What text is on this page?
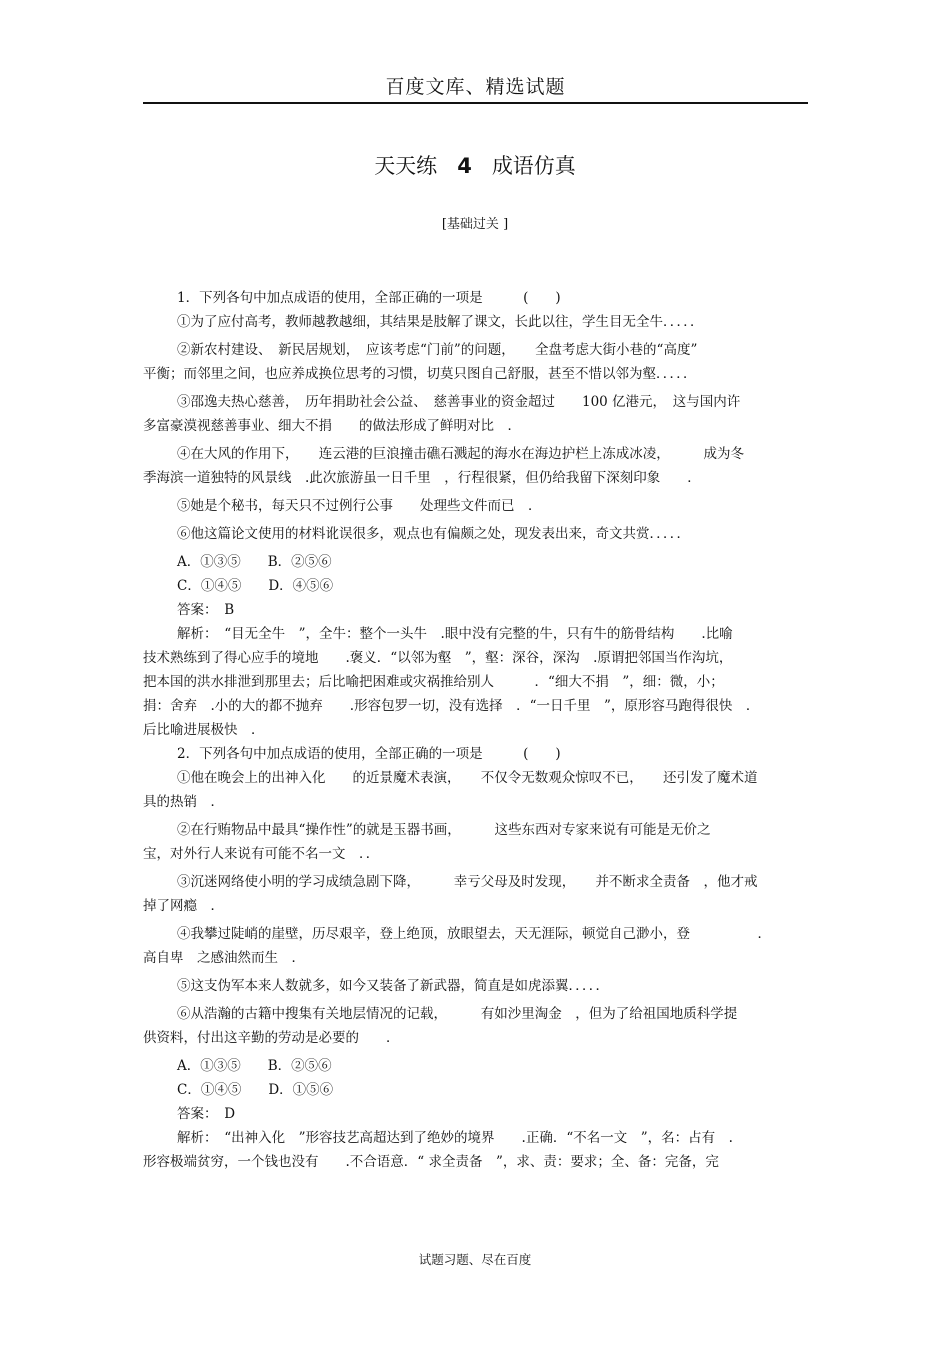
百度文库、精选试题
天天练 4 成语仿真
[基础过关 ]
1．下列各句中加点成语的使用，全部正确的一项是　　　(　　)
①为了应付高考，教师越教越细，其结果是肢解了课文，长此以往，学生目无全牛．．．．．
②新农村建设、　新民居规划，　应该考虑“门前”的问题，　　全盘考虑大街小巷的“高度”
平衡；而邻里之间，也应养成换位思考的习惯，切莫只图自己舒服，甚至不惜以邻为壑．．．．．
③邵逸夫热心慈善，　历年捐助社会公益、　慈善事业的资金超过　　100 亿港元，　这与国内许
多富豪漠视慈善事业、细大不捐　　的做法形成了鲜明对比　．
④在大风的作用下，　　连云港的巨浪撞击礁石溅起的海水在海边护栏上冻成冰凌，　　　成为冬
季海滨一道独特的风景线　.此次旅游虽一日千里　，行程很紧，但仍给我留下深刻印象　　．
⑤她是个秘书，每天只不过例行公事　　处理些文件而已　．
⑥他这篇论文使用的材料讹误很多，观点也有偏颇之处，现发表出来，奇文共赏．．．．．
A．①③⑤　　B．②⑤⑥
C．①④⑤　　D．④⑤⑥
答案：　B
解析：　“目无全牛　”，全牛：整个一头牛　.眼中没有完整的牛，只有牛的筋骨结构　　.比喻
技术熟练到了得心应手的境地　　.褒义．“以邻为壑　”，壑：深谷，深沟　.原谓把邻国当作沟坑，
把本国的洪水排泄到那里去；后比喻把困难或灾祸推给别人　　　．“细大不捐　”，细：微，小；
捐：舍弃　.小的大的都不抛弃　　.形容包罗一切，没有选择　．“一日千里　”，原形容马跑得很快　．
后比喻进展极快　．
2．下列各句中加点成语的使用，全部正确的一项是　　　(　　)
①他在晚会上的出神入化　　的近景魔术表演，　　不仅令无数观众惊叹不已，　　还引发了魔术道
具的热销　．
②在行贿物品中最具“操作性”的就是玉器书画，　　　这些东西对专家来说有可能是无价之
宝，对外行人来说有可能不名一文　．．
③沉迷网络使小明的学习成绩急剧下降，　　　幸亏父母及时发现，　　并不断求全责备　，他才戒
掉了网瘾　．
④我攀过陡峭的崖壁，历尽艰辛，登上绝顶，放眼望去，天无涯际，顿觉自己渺小，登　　　　　．
高自卑　之感油然而生　．
⑤这支伪军本来人数就多，如今又装备了新武器，简直是如虎添翼．．．．．
⑥从浩瀚的古籍中搜集有关地层情况的记载，　　　有如沙里淘金　，但为了给祖国地质科学提
供资料，付出这辛勤的劳动是必要的　　．
A．①③⑤　　B．②⑤⑥
C．①④⑤　　D．①⑤⑥
答案：　D
解析：　“出神入化　”形容技艺高超达到了绝妙的境界　　.正确．“不名一文　”，名：占有　.
形容极端贫穷，一个钱也没有　　.不合语意．“ 求全责备　”，求、责：要求；全、备：完备，完
试题习题、尽在百度
